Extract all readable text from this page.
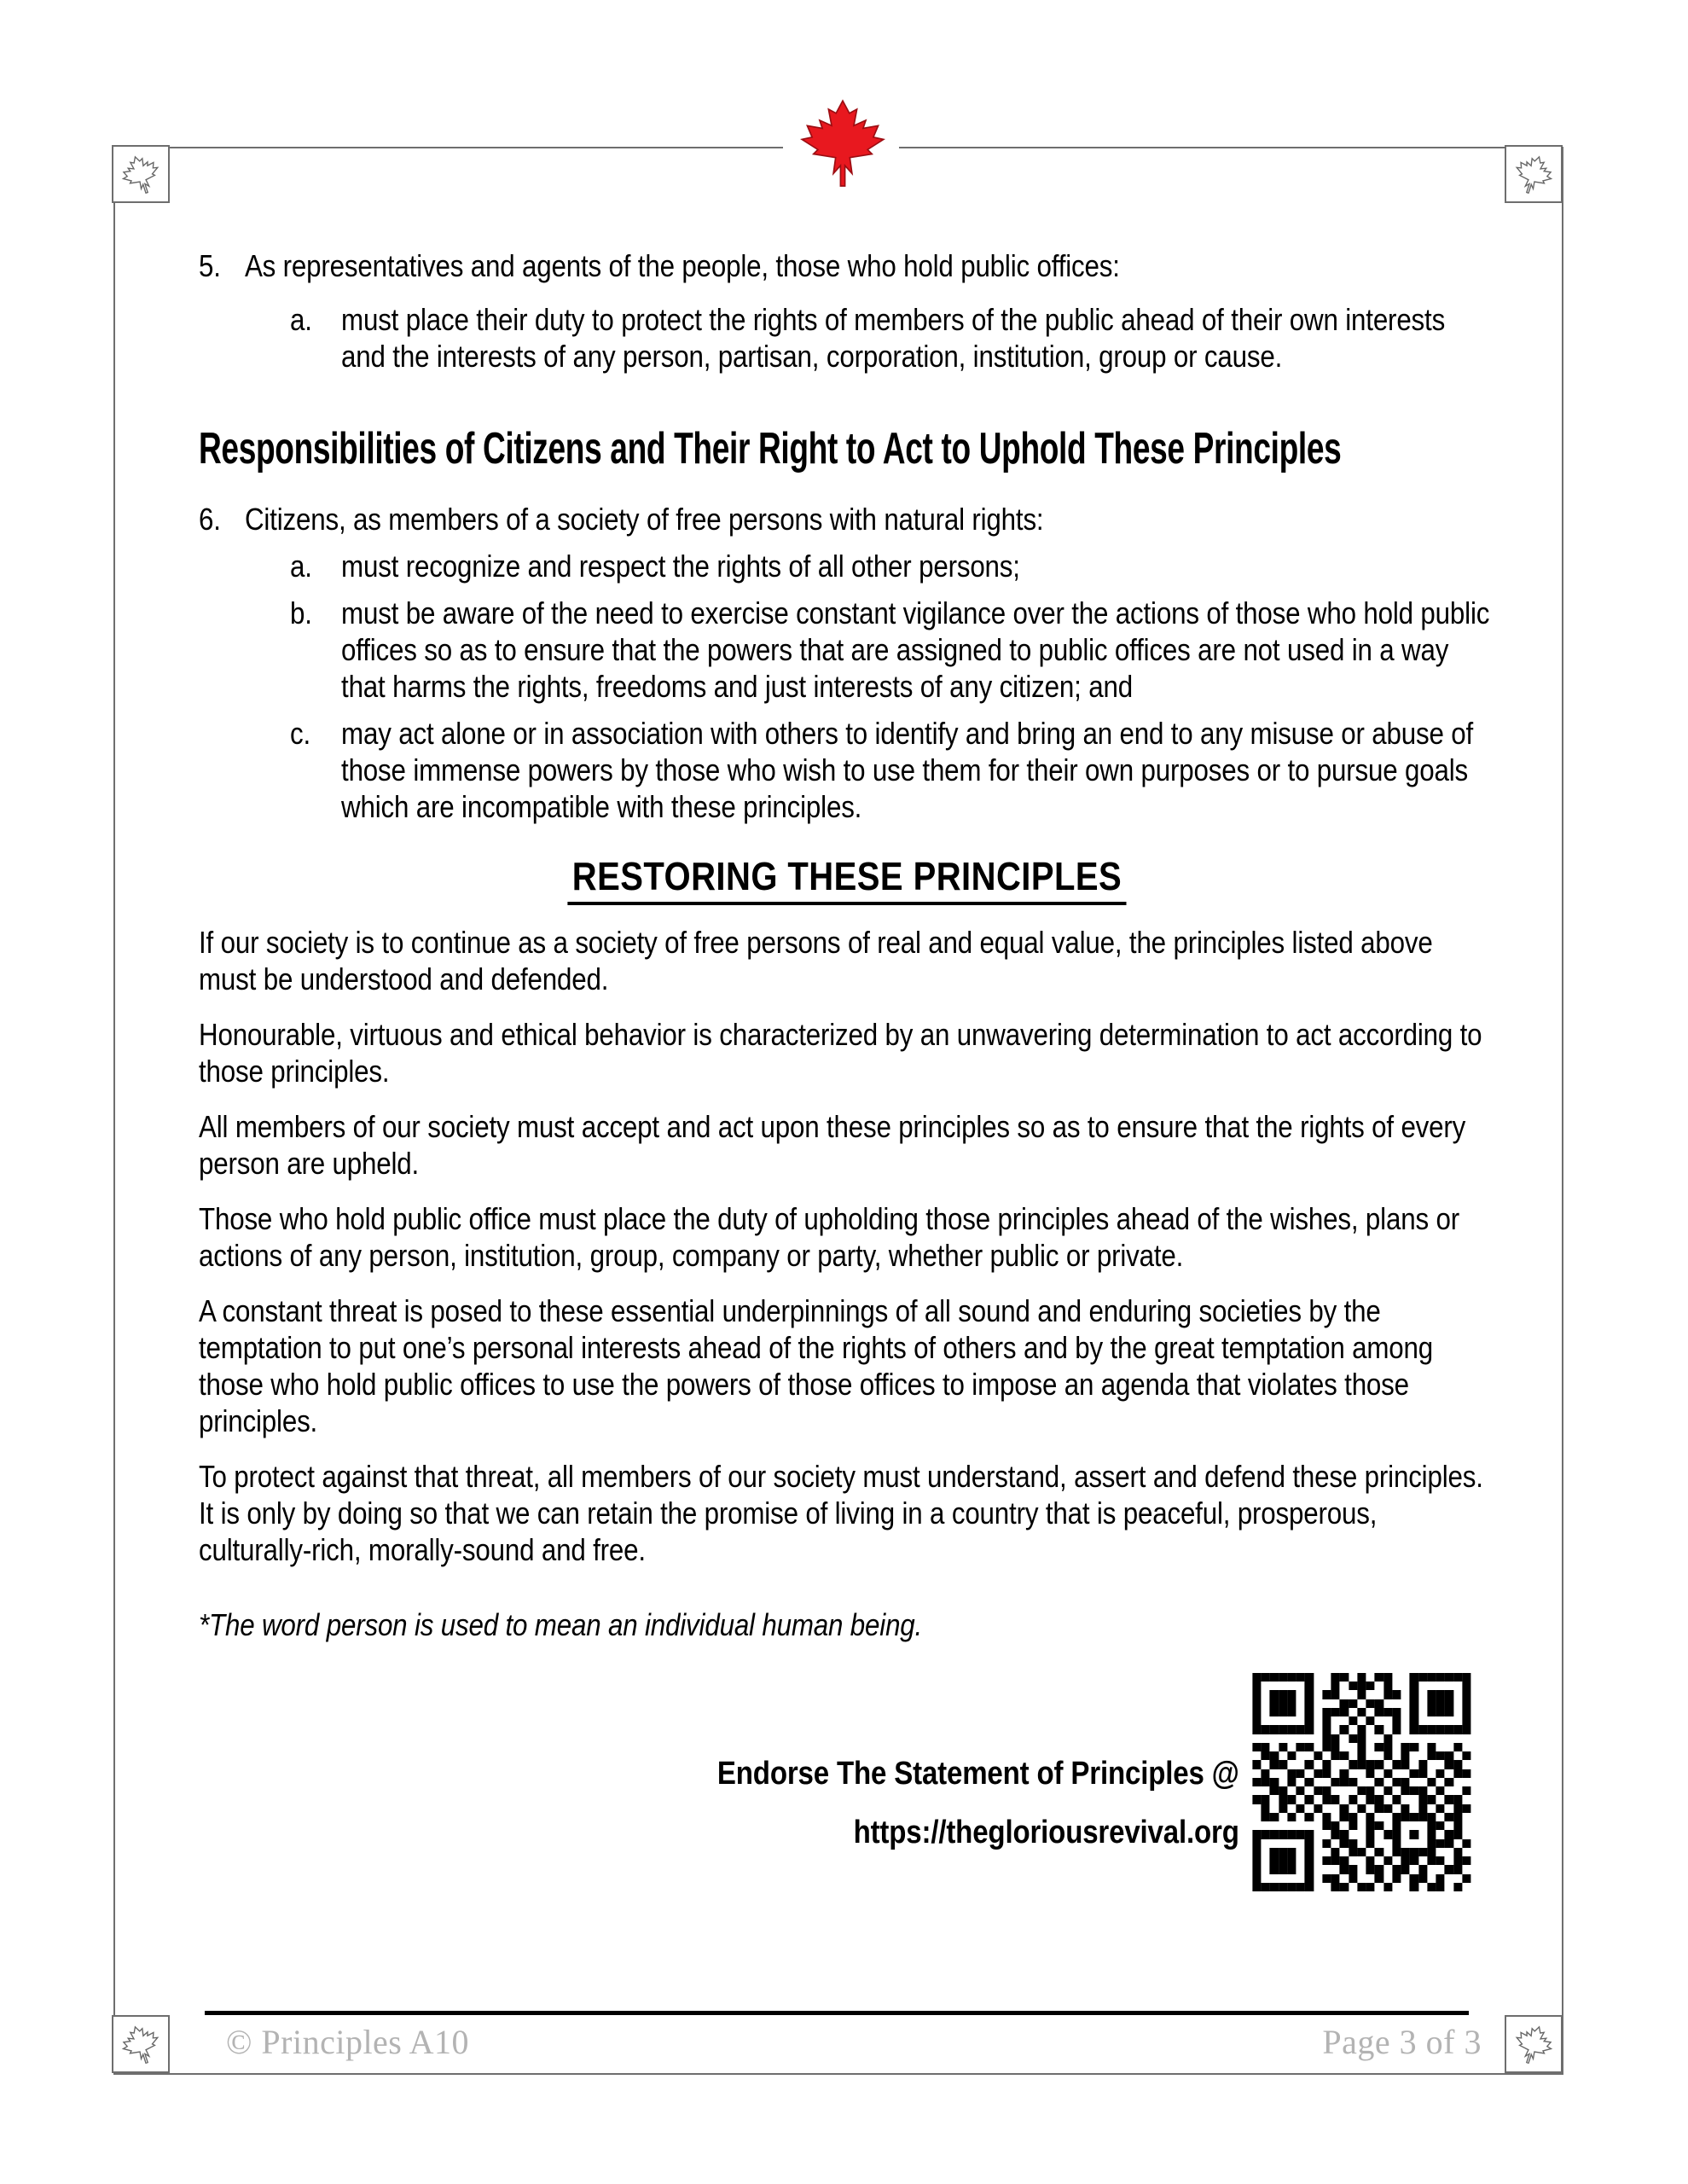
5. As representatives and agents of the people, those who hold public offices:
a. must place their duty to protect the rights of members of the public ahead of their own interests and the interests of any person, partisan, corporation, institution, group or cause.
Responsibilities of Citizens and Their Right to Act to Uphold These Principles
6. Citizens, as members of a society of free persons with natural rights:
a. must recognize and respect the rights of all other persons;
b. must be aware of the need to exercise constant vigilance over the actions of those who hold public offices so as to ensure that the powers that are assigned to public offices are not used in a way that harms the rights, freedoms and just interests of any citizen; and
c.	may act alone or in association with others to identify and bring an end to any misuse or abuse of those immense powers by those who wish to use them for their own purposes or to pursue goals which are incompatible with these principles.
RESTORING THESE PRINCIPLES

If our society is to continue as a society of free persons of real and equal value, the principles listed above must be understood and defended.

Honourable, virtuous and ethical behavior is characterized by an unwavering determination to act according to those principles.

All members of our society must accept and act upon these principles so as to ensure that the rights of every person are upheld.

Those who hold public office must place the duty of upholding those principles ahead of the wishes, plans or actions of any person, institution, group, company or party, whether public or private.

A constant threat is posed to these essential underpinnings of all sound and enduring societies by the temptation to put one’s personal interests ahead of the rights of others and by the great temptation among those who hold public offices to use the powers of those offices to impose an agenda that violates those principles.

To protect against that threat, all members of our society must understand, assert and defend these principles. It is only by doing so that we can retain the promise of living in a country that is peaceful, prosperous, culturally-rich, morally-sound and free.

*The word person is used to mean an individual human being.
Endorse The Statement of Principles @
https://thegloriousrevival.org
© Principles A10	Page 3 of 3
